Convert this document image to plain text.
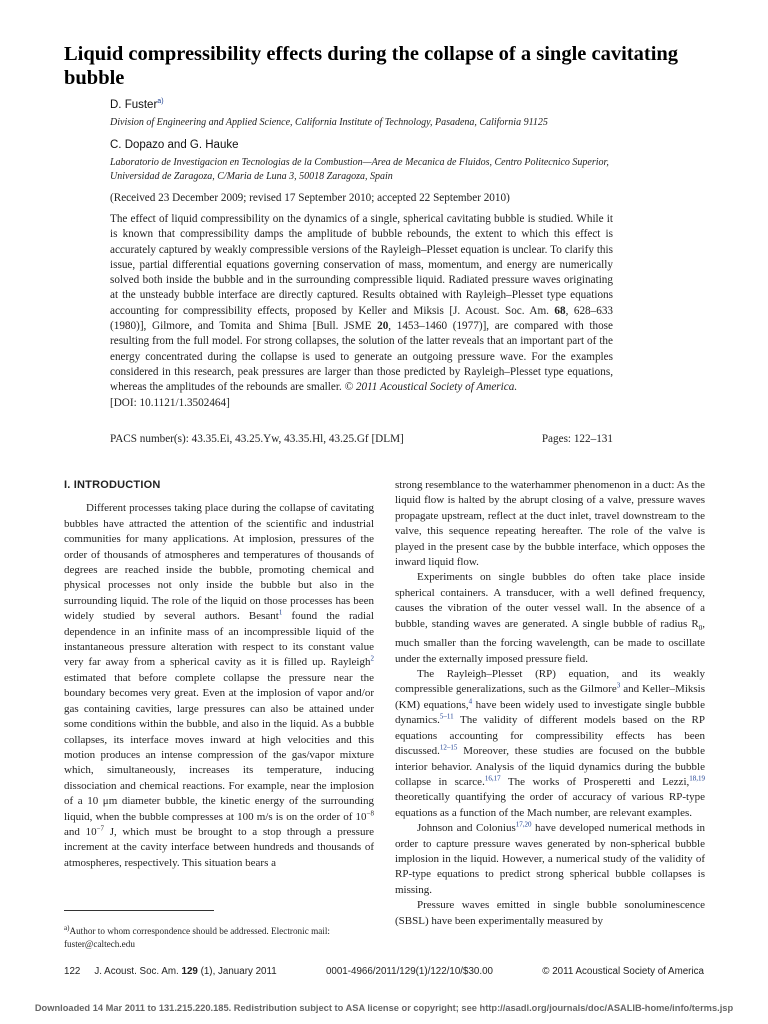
Liquid compressibility effects during the collapse of a single cavitating bubble
D. Fuster$^{a)}$
Division of Engineering and Applied Science, California Institute of Technology, Pasadena, California 91125
C. Dopazo and G. Hauke
Laboratorio de Investigacion en Tecnologias de la Combustion—Area de Mecanica de Fluidos, Centro Politecnico Superior, Universidad de Zaragoza, C/Maria de Luna 3, 50018 Zaragoza, Spain
(Received 23 December 2009; revised 17 September 2010; accepted 22 September 2010)

The effect of liquid compressibility on the dynamics of a single, spherical cavitating bubble is studied. While it is known that compressibility damps the amplitude of bubble rebounds, the extent to which this effect is accurately captured by weakly compressible versions of the Rayleigh–Plesset equation is unclear. To clarify this issue, partial differential equations governing conservation of mass, momentum, and energy are numerically solved both inside the bubble and in the surrounding compressible liquid. Radiated pressure waves originating at the unsteady bubble interface are directly captured. Results obtained with Rayleigh–Plesset type equations accounting for compressibility effects, proposed by Keller and Miksis [J. Acoust. Soc. Am. 68, 628–633 (1980)], Gilmore, and Tomita and Shima [Bull. JSME 20, 1453–1460 (1977)], are compared with those resulting from the full model. For strong collapses, the solution of the latter reveals that an important part of the energy concentrated during the collapse is used to generate an outgoing pressure wave. For the examples considered in this research, peak pressures are larger than those predicted by Rayleigh–Plesset type equations, whereas the amplitudes of the rebounds are smaller. © 2011 Acoustical Society of America.

[DOI: 10.1121/1.3502464]

PACS number(s): 43.35.Ei, 43.25.Yw, 43.35.Hl, 43.25.Gf [DLM]	Pages: 122–131
I. INTRODUCTION

Different processes taking place during the collapse of cavitating bubbles have attracted the attention of the scientific and industrial communities for many applications. At implosion, pressures of the order of thousands of atmospheres and temperatures of thousands of degrees are reached inside the bubble, promoting chemical and physical processes not only inside the bubble but also in the surrounding liquid. The role of the liquid on those processes has been widely studied by several authors. Besant$^1$ found the radial dependence in an infinite mass of an incompressible liquid of the instantaneous pressure alteration with respect to its constant value very far away from a spherical cavity as it is filled up. Rayleigh$^2$ estimated that before complete collapse the pressure near the boundary becomes very great. Even at the implosion of vapor and/or gas containing cavities, large pressures can also be attained under some conditions within the bubble, and also in the liquid. As a bubble collapses, its interface moves inward at high velocities and this motion produces an intense compression of the gas/vapor mixture which, simultaneously, increases its temperature, inducing dissociation and chemical reactions. For example, near the implosion of a 10 μm diameter bubble, the kinetic energy of the surrounding liquid, when the bubble compresses at 100 m/s is on the order of $10^{-8}$ and $10^{-7}$ J, which must be brought to a stop through a pressure increment at the cavity interface between hundreds and thousands of atmospheres, respectively. This situation bears a

strong resemblance to the waterhammer phenomenon in a duct: As the liquid flow is halted by the abrupt closing of a valve, pressure waves propagate upstream, reflect at the duct inlet, travel downstream to the valve, this sequence repeating hereafter. The role of the valve is played in the present case by the bubble interface, which opposes the inward liquid flow.

Experiments on single bubbles do often take place inside spherical containers. A transducer, with a well defined frequency, causes the vibration of the outer vessel wall. In the absence of a bubble, standing waves are generated. A single bubble of radius $R_0$, much smaller than the forcing wavelength, can be made to oscillate under the externally imposed pressure field.

The Rayleigh–Plesset (RP) equation, and its weakly compressible generalizations, such as the Gilmore$^3$ and Keller–Miksis (KM) equations,$^4$ have been widely used to investigate single bubble dynamics.$^{5-11}$ The validity of different models based on the RP equations accounting for compressibility effects has been discussed.$^{12-15}$ Moreover, these studies are focused on the bubble interior behavior. Analysis of the liquid dynamics during the bubble collapse in scarce.$^{16,17}$ The works of Prosperetti and Lezzi,$^{18,19}$ theoretically quantifying the order of accuracy of various RP-type equations as a function of the Mach number, are relevant examples.

Johnson and Colonius$^{17,20}$ have developed numerical methods in order to capture pressure waves generated by non-spherical bubble implosion in the liquid. However, a numerical study of the validity of RP-type equations to predict strong spherical bubble collapses is missing.

Pressure waves emitted in single bubble sonoluminescence (SBSL) have been experimentally measured by

$^{a)}$Author to whom correspondence should be addressed. Electronic mail: fuster@caltech.edu
122 J. Acoust. Soc. Am. 129 (1), January 2011	0001-4966/2011/129(1)/122/10/$30.00	© 2011 Acoustical Society of America
Downloaded 14 Mar 2011 to 131.215.220.185. Redistribution subject to ASA license or copyright; see http://asadl.org/journals/doc/ASALIB-home/info/terms.jsp
